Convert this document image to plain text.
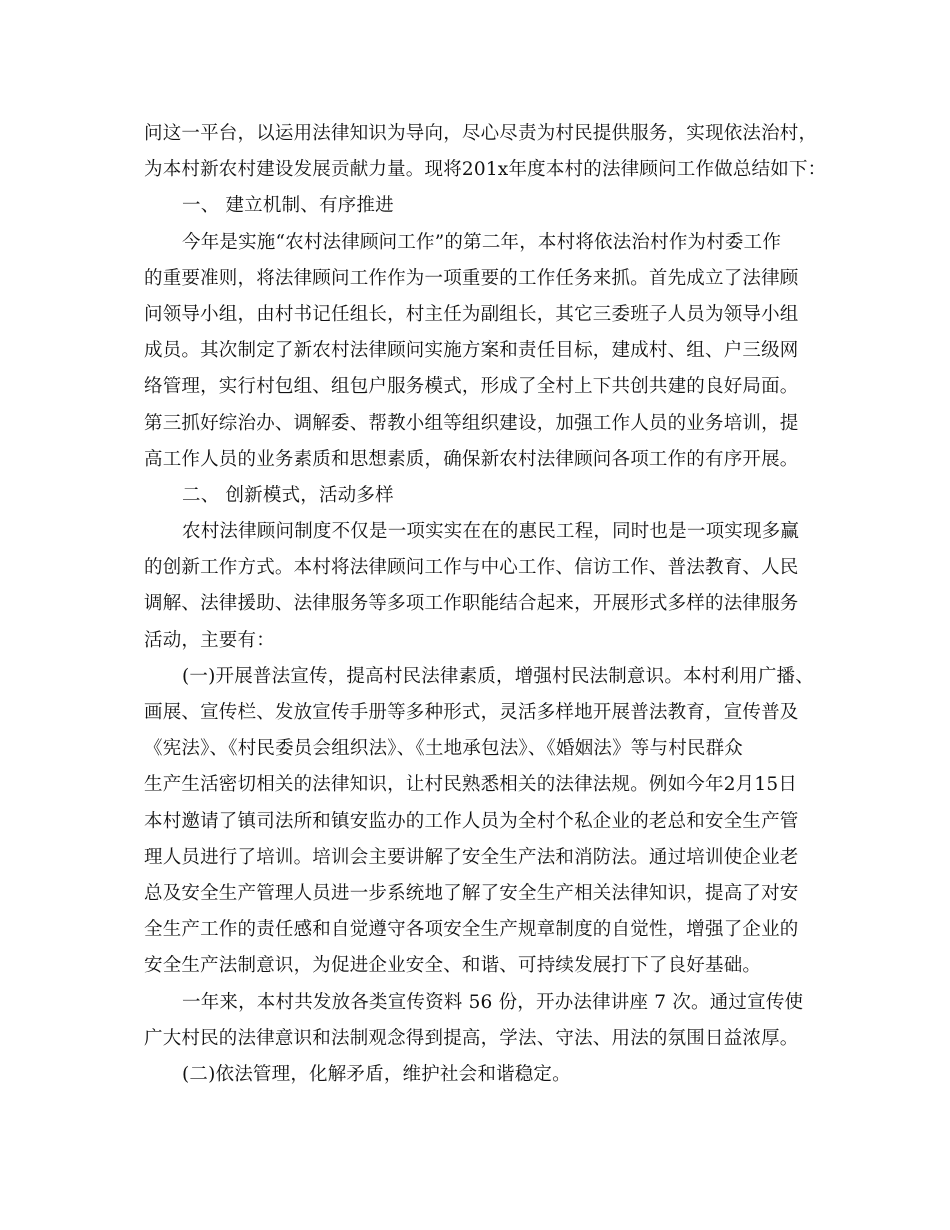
问这一平台，以运用法律知识为导向，尽心尽责为村民提供服务，实现依法治村，
为本村新农村建设发展贡献力量。现将201x年度本村的法律顾问工作做总结如下：
一、 建立机制、有序推进
今年是实施“农村法律顾问工作”的第二年，本村将依法治村作为村委工作
的重要准则，将法律顾问工作作为一项重要的工作任务来抓。首先成立了法律顾
问领导小组，由村书记任组长，村主任为副组长，其它三委班子人员为领导小组
成员。其次制定了新农村法律顾问实施方案和责任目标，建成村、组、户三级网
络管理，实行村包组、组包户服务模式，形成了全村上下共创共建的良好局面。
第三抓好综治办、调解委、帮教小组等组织建设，加强工作人员的业务培训，提
高工作人员的业务素质和思想素质，确保新农村法律顾问各项工作的有序开展。
二、 创新模式，活动多样
农村法律顾问制度不仅是一项实实在在的惠民工程，同时也是一项实现多赢
的创新工作方式。本村将法律顾问工作与中心工作、信访工作、普法教育、人民
调解、法律援助、法律服务等多项工作职能结合起来，开展形式多样的法律服务
活动，主要有：
(一)开展普法宣传，提高村民法律素质，增强村民法制意识。本村利用广播、
画展、宣传栏、发放宣传手册等多种形式，灵活多样地开展普法教育，宣传普及
《宪法》、《村民委员会组织法》、《土地承包法》、《婚姻法》等与村民群众
生产生活密切相关的法律知识，让村民熟悉相关的法律法规。例如今年2月15日
本村邀请了镇司法所和镇安监办的工作人员为全村个私企业的老总和安全生产管
理人员进行了培训。培训会主要讲解了安全生产法和消防法。通过培训使企业老
总及安全生产管理人员进一步系统地了解了安全生产相关法律知识，提高了对安
全生产工作的责任感和自觉遵守各项安全生产规章制度的自觉性，增强了企业的
安全生产法制意识，为促进企业安全、和谐、可持续发展打下了良好基础。
一年来，本村共发放各类宣传资料 56 份，开办法律讲座 7 次。通过宣传使
广大村民的法律意识和法制观念得到提高，学法、守法、用法的氛围日益浓厚。
(二)依法管理，化解矛盾，维护社会和谐稳定。
